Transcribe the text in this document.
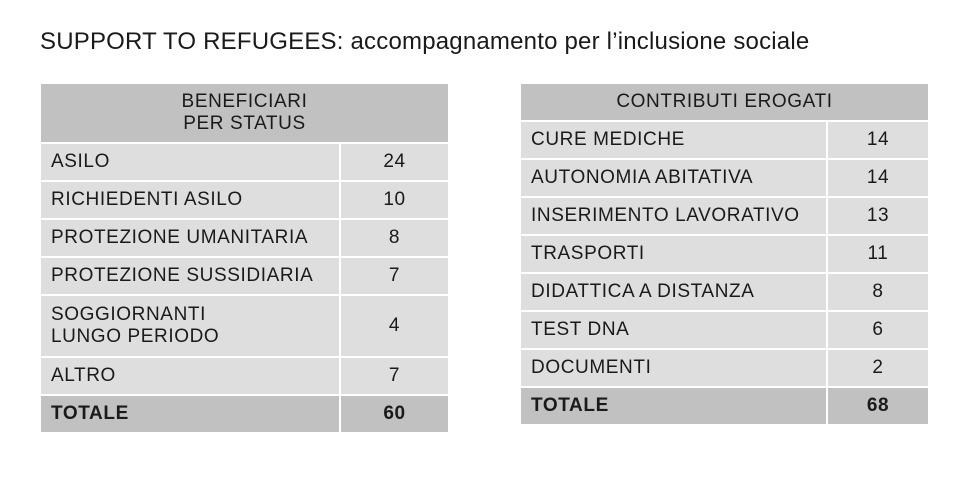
SUPPORT TO REFUGEES: accompagnamento per l’inclusione sociale
BENEFICIARI
PER STATUS	
ASILO	24
RICHIEDENTI ASILO	10
PROTEZIONE UMANITARIA	8
PROTEZIONE SUSSIDIARIA	7
SOGGIORNANTI
LUNGO PERIODO	4
ALTRO	7
TOTALE	60
CONTRIBUTI EROGATI	
CURE MEDICHE	14
AUTONOMIA ABITATIVA	14
INSERIMENTO LAVORATIVO	13
TRASPORTI	11
DIDATTICA A DISTANZA	8
TEST DNA	6
DOCUMENTI	2
TOTALE	68
